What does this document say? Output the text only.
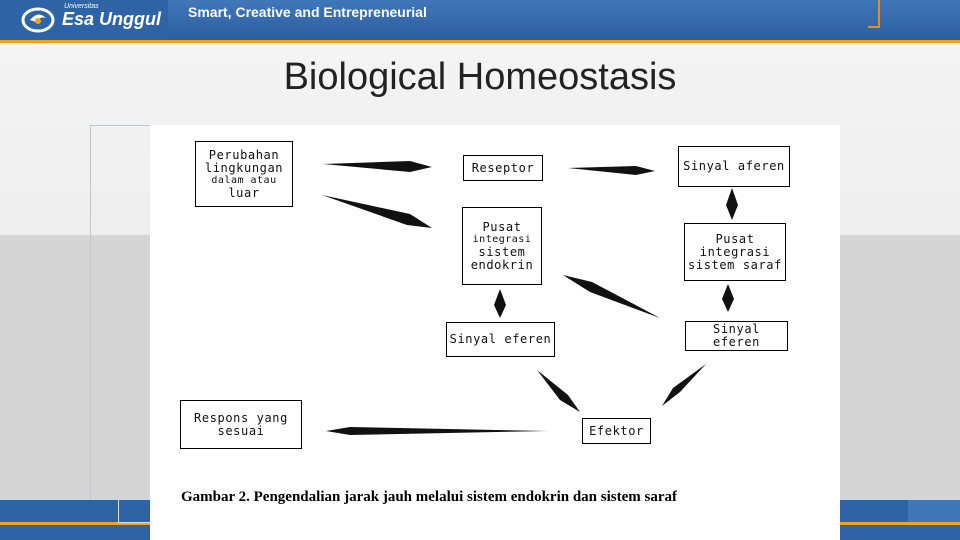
Universitas
Esa Unggul Smart, Creative and Entrepreneurial
Biological Homeostasis
Perubahan
lingkungan
dalam atau
luar
Reseptor	Sinyal aferen
Pusat
integrasi
sistem
endokrin
Pusat
integrasi
sistem saraf
Sinyal eferen
Sinyal eferen
Respons yang
sesuai	Efektor
Gambar 2. Pengendalian jarak jauh melalui sistem endokrin dan sistem saraf
